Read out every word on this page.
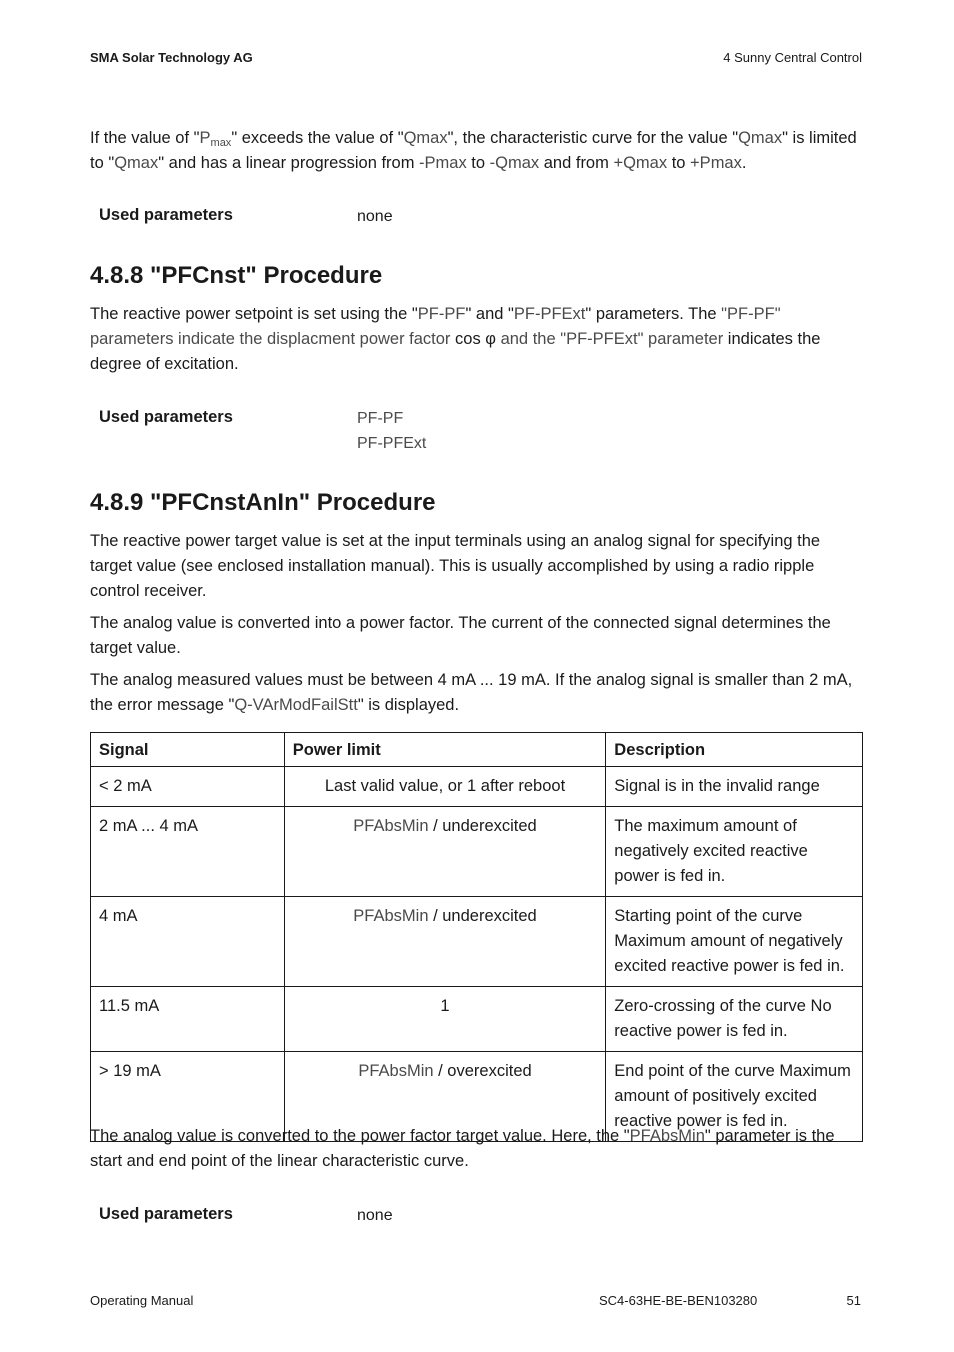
SMA Solar Technology AG	4 Sunny Central Control
If the value of "$P_{max}$" exceeds the value of "Qmax", the characteristic curve for the value "Qmax" is limited to "Qmax" and has a linear progression from -Pmax to -Qmax and from +Qmax to +Pmax.
Used parameters	none
4.8.8 "PFCnst" Procedure
The reactive power setpoint is set using the "PF-PF" and "PF-PFExt" parameters. The "PF-PF" parameters indicate the displacment power factor cos φ and the "PF-PFExt" parameter indicates the degree of excitation.
Used parameters	PF-PF
PF-PFExt
4.8.9 "PFCnstAnIn" Procedure
The reactive power target value is set at the input terminals using an analog signal for specifying the target value (see enclosed installation manual). This is usually accomplished by using a radio ripple control receiver.
The analog value is converted into a power factor. The current of the connected signal determines the target value.
The analog measured values must be between 4 mA ... 19 mA. If the analog signal is smaller than 2 mA, the error message "Q-VArModFailStt" is displayed.
Signal	Power limit	Description
< 2 mA	Last valid value, or 1 after reboot	Signal is in the invalid range
2 mA ... 4 mA	PFAbsMin / underexcited	The maximum amount of negatively excited reactive power is fed in.
4 mA	PFAbsMin / underexcited	Starting point of the curve Maximum amount of negatively excited reactive power is fed in.
11.5 mA	1	Zero-crossing of the curve No reactive power is fed in.
> 19 mA	PFAbsMin / overexcited	End point of the curve Maximum amount of positively excited reactive power is fed in.
The analog value is converted to the power factor target value. Here, the "PFAbsMin" parameter is the start and end point of the linear characteristic curve.
Used parameters	none
Operating Manual	SC4-63HE-BE-BEN103280	51
